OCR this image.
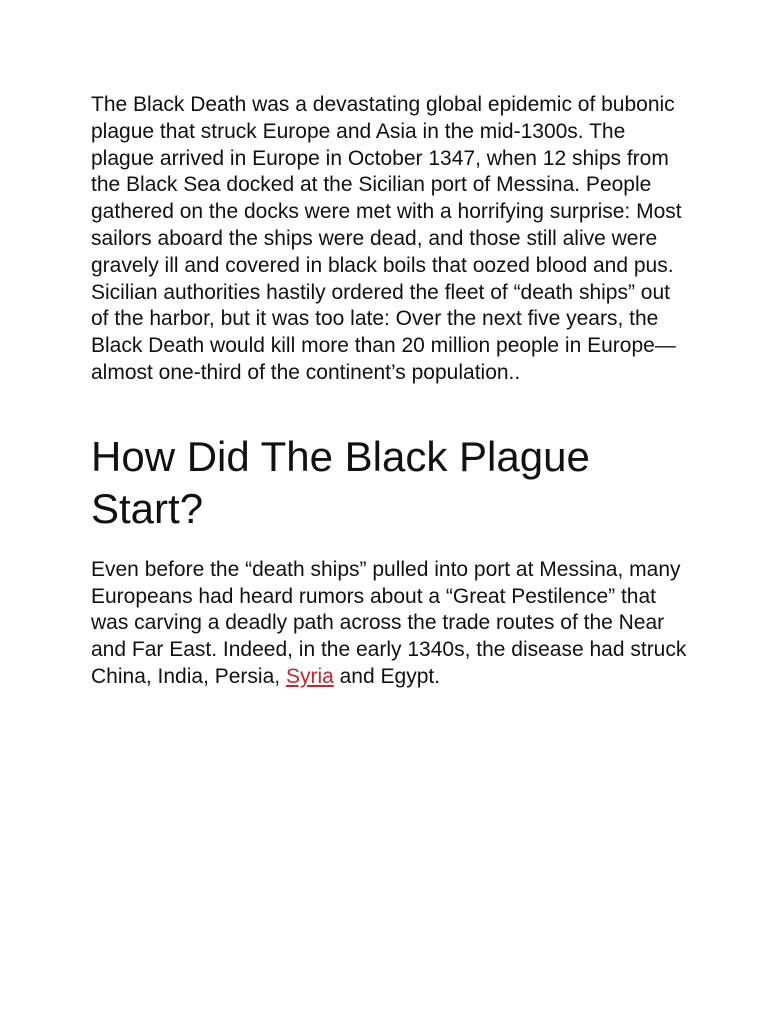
The Black Death was a devastating global epidemic of bubonic plague that struck Europe and Asia in the mid-1300s. The plague arrived in Europe in October 1347, when 12 ships from the Black Sea docked at the Sicilian port of Messina. People gathered on the docks were met with a horrifying surprise: Most sailors aboard the ships were dead, and those still alive were gravely ill and covered in black boils that oozed blood and pus. Sicilian authorities hastily ordered the fleet of “death ships” out of the harbor, but it was too late: Over the next five years, the Black Death would kill more than 20 million people in Europe—almost one-third of the continent’s population..

How Did The Black Plague Start?

Even before the “death ships” pulled into port at Messina, many Europeans had heard rumors about a “Great Pestilence” that was carving a deadly path across the trade routes of the Near and Far East. Indeed, in the early 1340s, the disease had struck China, India, Persia, Syria and Egypt.
